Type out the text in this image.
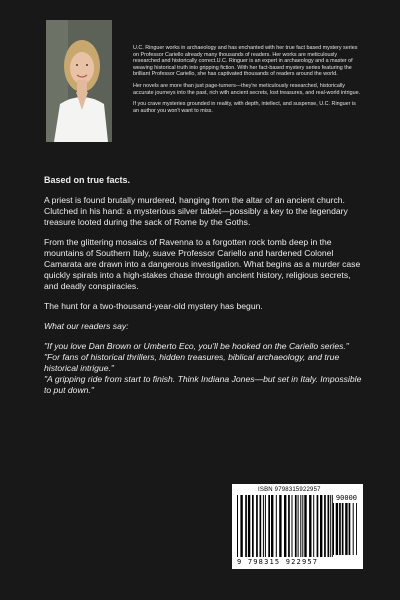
U.C. Ringuer works in archaeology and has enchanted with her true fact based mystery series on Professor Cariello already many thousands of readers. Her works are meticulously researched and historically correct.U.C. Ringuer is an expert in archaeology and a master of weaving historical truth into gripping fiction. With her fact-based mystery series featuring the brilliant Professor Cariello, she has captivated thousands of readers around the world.

Her novels are more than just page-turners—they're meticulously researched, historically accurate journeys into the past, rich with ancient secrets, lost treasures, and real-world intrigue.

If you crave mysteries grounded in reality, with depth, intellect, and suspense, U.C. Ringuer is an author you won't want to miss.

Based on true facts.

A priest is found brutally murdered, hanging from the altar of an ancient church. Clutched in his hand: a mysterious silver tablet—possibly a key to the legendary treasure looted during the sack of Rome by the Goths.

From the glittering mosaics of Ravenna to a forgotten rock tomb deep in the mountains of Southern Italy, suave Professor Cariello and hardened Colonel Camarata are drawn into a dangerous investigation. What begins as a murder case quickly spirals into a high-stakes chase through ancient history, religious secrets, and deadly conspiracies.

The hunt for a two-thousand-year-old mystery has begun.

What our readers say:

"If you love Dan Brown or Umberto Eco, you'll be hooked on the Cariello series."
"For fans of historical thrillers, hidden treasures, biblical archaeology, and true historical intrigue."
"A gripping ride from start to finish. Think Indiana Jones—but set in Italy. Impossible to put down."
ISBN 9798315922957
9 798315 922957
90000
